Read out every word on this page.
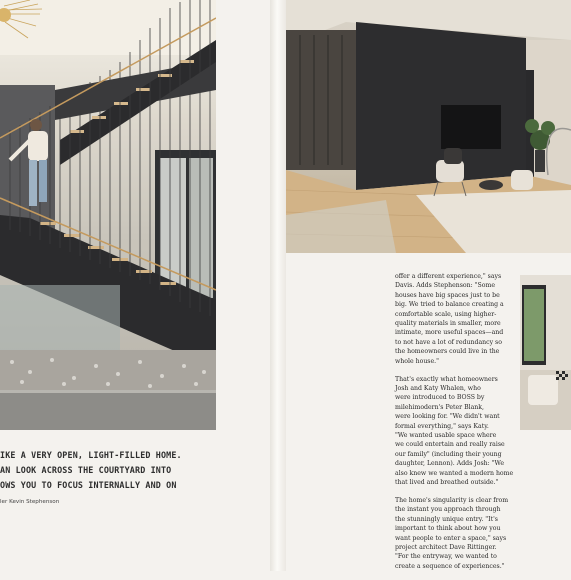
IKE A VERY OPEN, LIGHT-FILLED HOME.
AN LOOK ACROSS THE COURTYARD INTO
OWS YOU TO FOCUS INTERNALLY AND ON

ler Kevin Stephenson

offer a different experience," says
Davis. Adds Stephenson: "Some
houses have big spaces just to be
big. We tried to balance creating a
comfortable scale, using higher-
quality materials in smaller, more
intimate, more useful spaces—and
to not have a lot of redundancy so
the homeowners could live in the
whole house."

That's exactly what homeowners
Josh and Katy Whalen, who
were introduced to BOSS by
milehimodern's Peter Blank,
were looking for. "We didn't want
formal everything," says Katy.
"We wanted usable space where
we could entertain and really raise
our family" (including their young
daughter, Lennon). Adds Josh: "We
also knew we wanted a modern home
that lived and breathed outside."

The home's singularity is clear from
the instant you approach through
the stunningly unique entry. "It's
important to think about how you
want people to enter a space," says
project architect Dave Rittinger.
"For the entryway, we wanted to
create a sequence of experiences."
